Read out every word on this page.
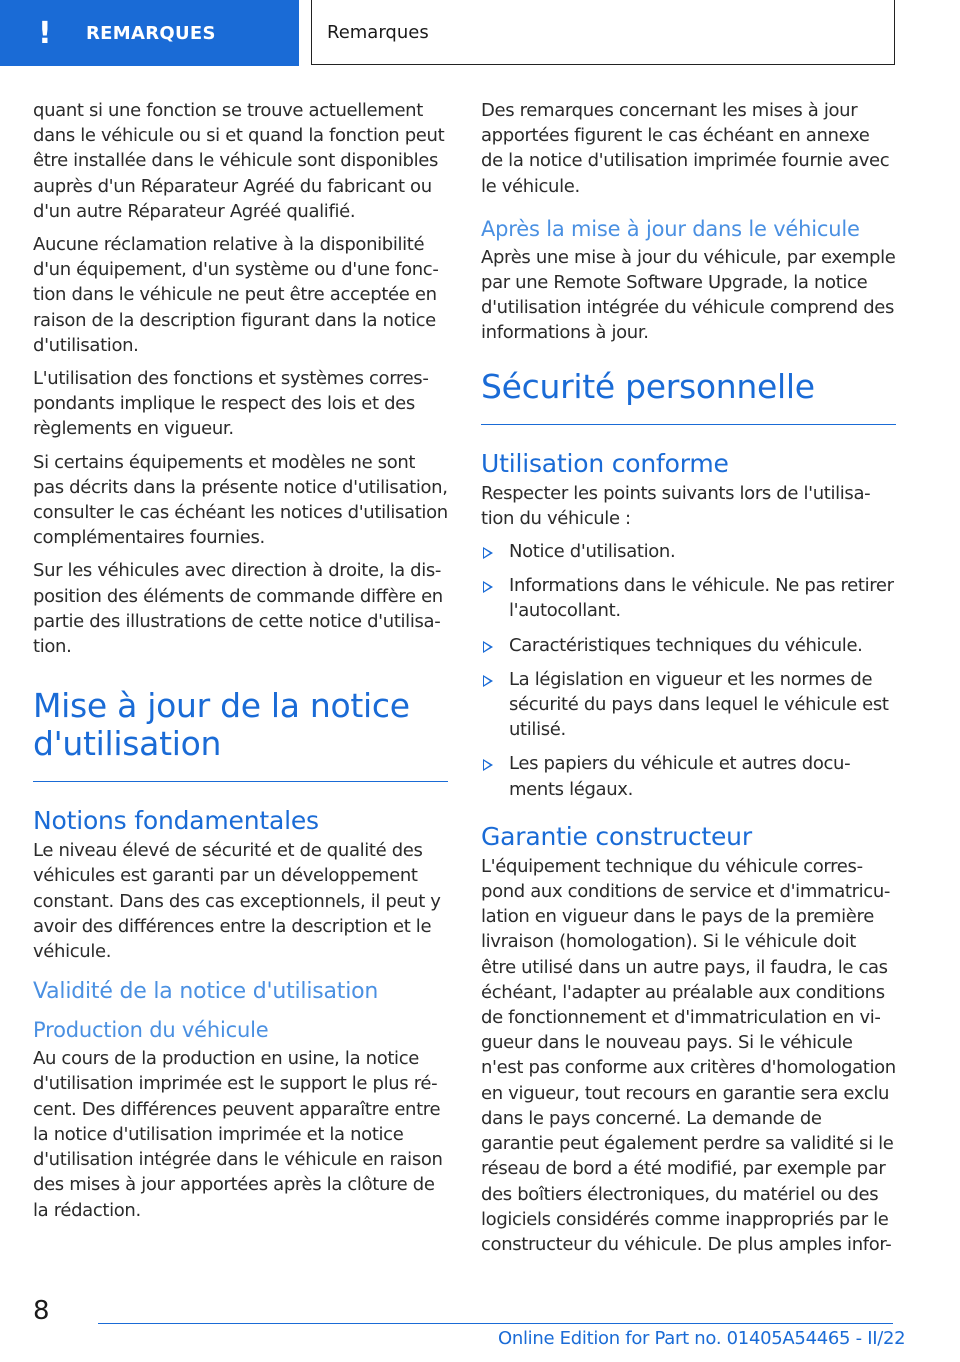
!	REMARQUES	Remarques

quant si une fonction se trouve actuellement dans le véhicule ou si et quand la fonction peut être installée dans le véhicule sont disponibles auprès d'un Réparateur Agréé du fabricant ou d'un autre Réparateur Agréé qualifié.

Aucune réclamation relative à la disponibilité d'un équipement, d'un système ou d'une fonction dans le véhicule ne peut être acceptée en raison de la description figurant dans la notice d'utilisation.

L'utilisation des fonctions et systèmes correspondants implique le respect des lois et des règlements en vigueur.

Si certains équipements et modèles ne sont pas décrits dans la présente notice d'utilisation, consulter le cas échéant les notices d'utilisation complémentaires fournies.

Sur les véhicules avec direction à droite, la disposition des éléments de commande diffère en partie des illustrations de cette notice d'utilisation.

Mise à jour de la notice d'utilisation
Notions fondamentales

Le niveau élevé de sécurité et de qualité des véhicules est garanti par un développement constant. Dans des cas exceptionnels, il peut y avoir des différences entre la description et le véhicule.

Validité de la notice d'utilisation
Production du véhicule

Au cours de la production en usine, la notice d'utilisation imprimée est le support le plus récent. Des différences peuvent apparaître entre la notice d'utilisation imprimée et la notice d'utilisation intégrée dans le véhicule en raison des mises à jour apportées après la clôture de la rédaction.

Des remarques concernant les mises à jour apportées figurent le cas échéant en annexe de la notice d'utilisation imprimée fournie avec le véhicule.

Après la mise à jour dans le véhicule

Après une mise à jour du véhicule, par exemple par une Remote Software Upgrade, la notice d'utilisation intégrée du véhicule comprend des informations à jour.

Sécurité personnelle
Utilisation conforme

Respecter les points suivants lors de l'utilisation du véhicule :

Notice d'utilisation.
Informations dans le véhicule. Ne pas retirer l'autocollant.
Caractéristiques techniques du véhicule.
La législation en vigueur et les normes de sécurité du pays dans lequel le véhicule est utilisé.
Les papiers du véhicule et autres documents légaux.
Garantie constructeur

L'équipement technique du véhicule correspond aux conditions de service et d'immatriculation en vigueur dans le pays de la première livraison (homologation). Si le véhicule doit être utilisé dans un autre pays, il faudra, le cas échéant, l'adapter au préalable aux conditions de fonctionnement et d'immatriculation en vigueur dans le nouveau pays. Si le véhicule n'est pas conforme aux critères d'homologation en vigueur, tout recours en garantie sera exclu dans le pays concerné. La demande de garantie peut également perdre sa validité si le réseau de bord a été modifié, par exemple par des boîtiers électroniques, du matériel ou des logiciels considérés comme inappropriés par le constructeur du véhicule. De plus amples infor-

8
Online Edition for Part no. 01405A54465 - II/22
